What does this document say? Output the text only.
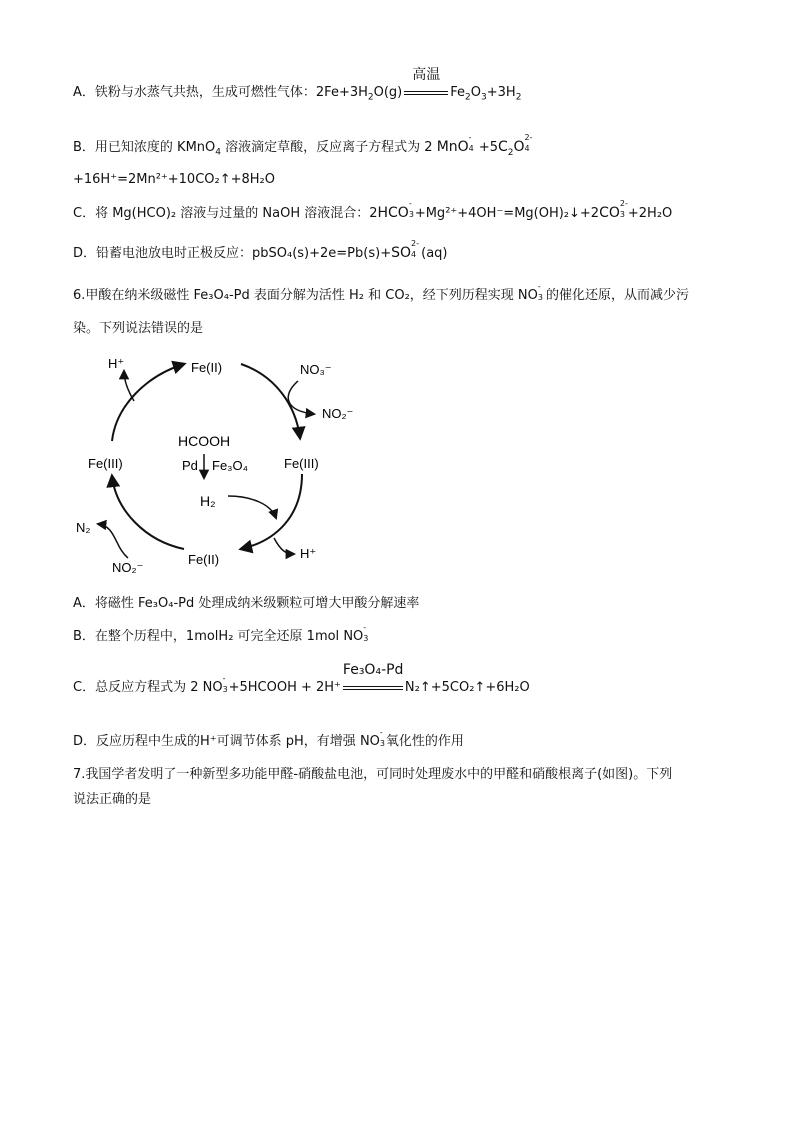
A．铁粉与水蒸气共热，生成可燃性气体：$2Fe+3H_2O(g)$
高温
$Fe_2O_3+3H_2$
B．用已知浓度的 KMnO$_4$ 溶液滴定草酸，反应离子方程式为 2 MnO
-
$4 +5C_2O$
2-
4
+16H⁺=2Mn²⁺+10CO₂↑+8H₂O
C．将 Mg(HCO)₂ 溶液与过量的 NaOH 溶液混合：2HCO
-
3 +Mg²⁺+4OH⁻=Mg(OH)₂↓+2CO
2-
3 +2H₂O
D．铅蓄电池放电时正极反应：pbSO₄(s)+2e=Pb(s)+SO
2-
4 (aq)
6.甲酸在纳米级磁性 Fe₃O₄-Pd 表面分解为活性 H₂ 和 CO₂，经下列历程实现 NO
-
3
的催化还原，从而减少污
染。下列说法错误的是
H⁺	Fe(II)	NO₃⁻
NO₂⁻
Fe(III)	Fe(III)
HCOOH
Pd Fe₃O₄
H₂
N₂
Fe(II)	H⁺
NO₂⁻
A．将磁性 Fe₃O₄-Pd 处理成纳米级颗粒可增大甲酸分解速率
B．在整个历程中，1molH₂ 可完全还原 1mol NO
-
3
C．总反应方程式为 2 NO
-
3 +5HCOOH + 2H⁺
Fe₃O₄-Pd
N₂↑+5CO₂↑+6H₂O
D．反应历程中生成的H⁺可调节体系 pH，有增强 NO
-
3 氧化性的作用
7.我国学者发明了一种新型多功能甲醛-硝酸盐电池，可同时处理废水中的甲醛和硝酸根离子(如图)。下列
说法正确的是
